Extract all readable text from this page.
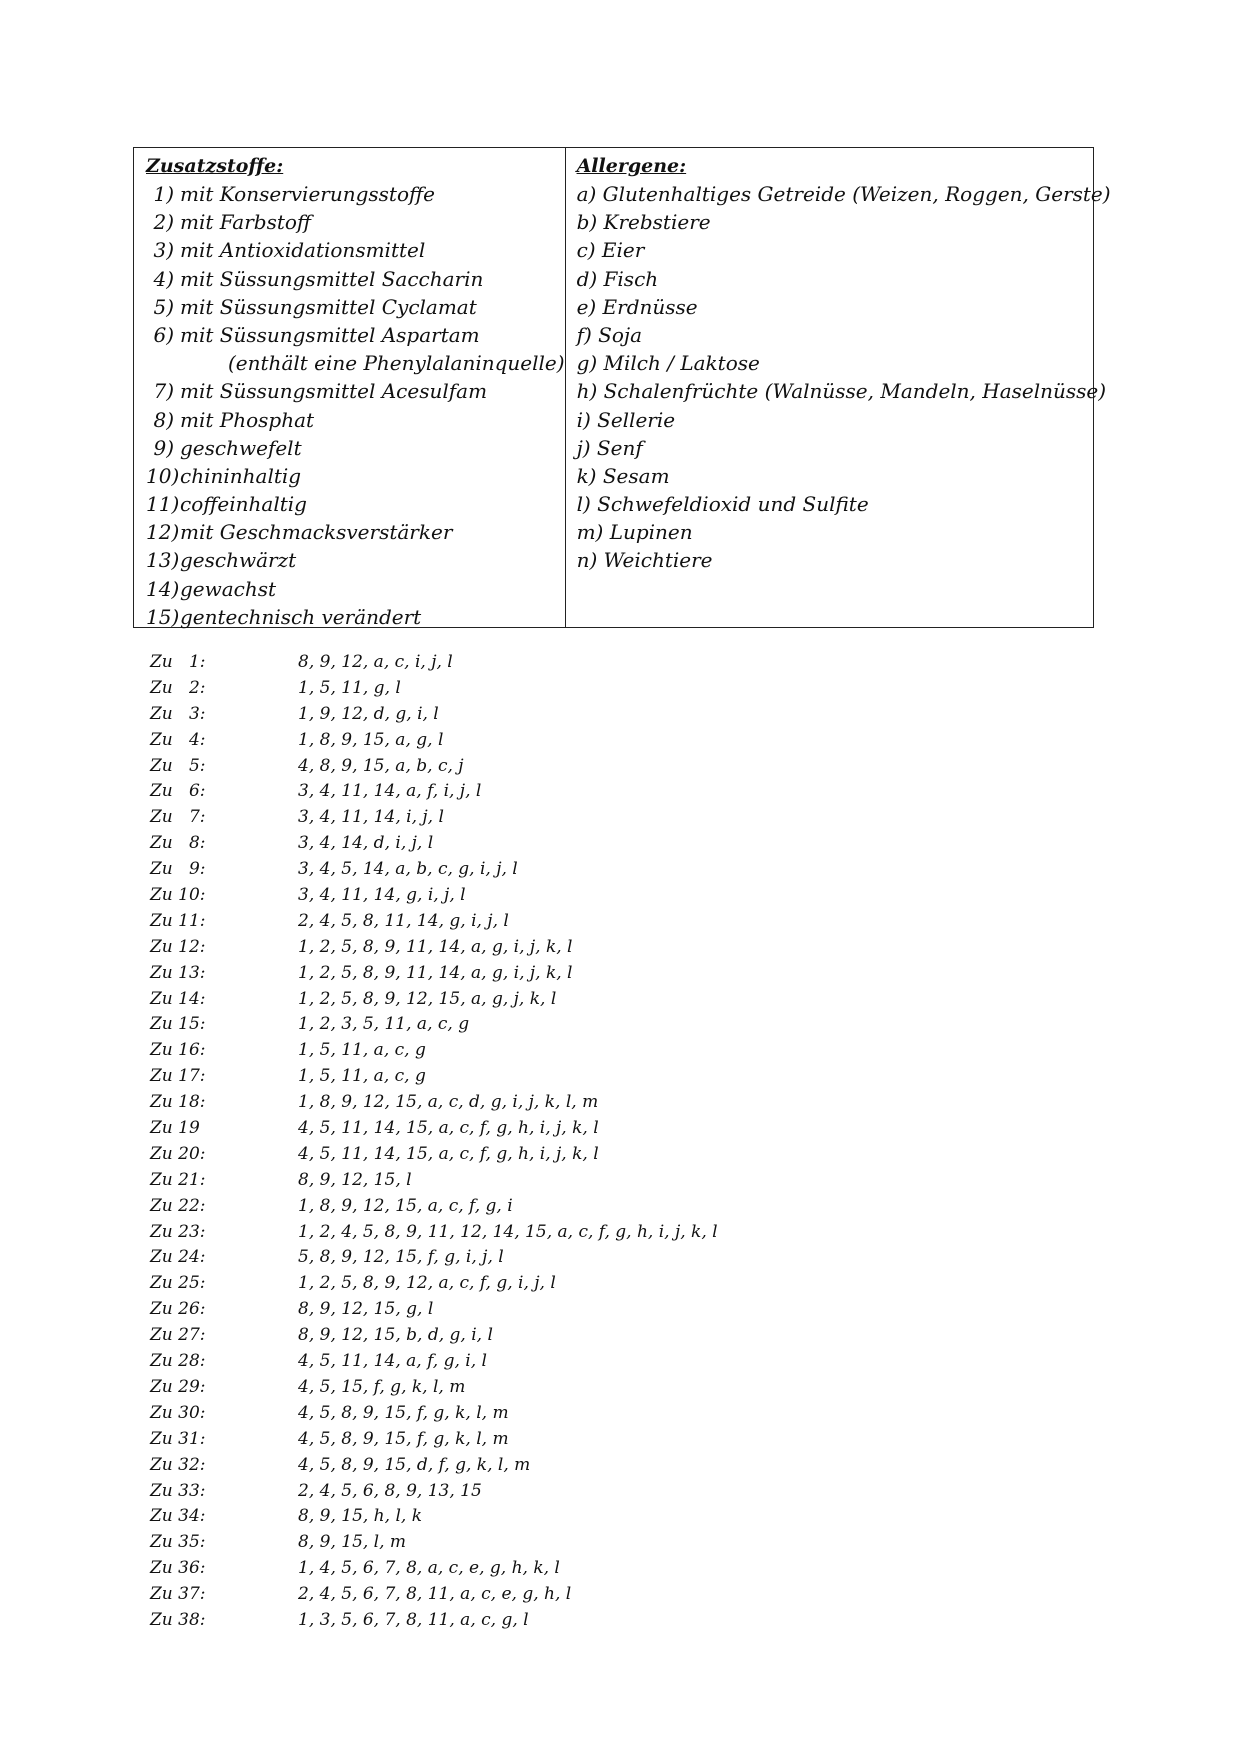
Zusatzstoffe:
1) mit Konservierungsstoffe
2) mit Farbstoff
3) mit Antioxidationsmittel
4) mit Süssungsmittel Saccharin
5) mit Süssungsmittel Cyclamat
6) mit Süssungsmittel Aspartam
(enthält eine Phenylalaninquelle)
7) mit Süssungsmittel Acesulfam
8) mit Phosphat
9) geschwefelt
10) chininhaltig
11) coffeinhaltig
12) mit Geschmacksverstärker
13) geschwärzt
14) gewachst
15) gentechnisch verändert
Allergene:
a) Glutenhaltiges Getreide (Weizen, Roggen, Gerste)
b) Krebstiere
c) Eier
d) Fisch
e) Erdnüsse
f) Soja
g) Milch / Laktose
h) Schalenfrüchte (Walnüsse, Mandeln, Haselnüsse)
i) Sellerie
j) Senf
k) Sesam
l) Schwefeldioxid und Sulfite
m) Lupinen
n) Weichtiere
Zu   1:	8, 9, 12, a, c, i, j, l
Zu   2:	1, 5, 11, g, l
Zu   3:	1, 9, 12, d, g, i, l
Zu   4:	1, 8, 9, 15, a, g, l
Zu   5:	4, 8, 9, 15, a, b, c, j
Zu   6:	3, 4, 11, 14, a, f, i, j, l
Zu   7:	3, 4, 11, 14, i, j, l
Zu   8:	3, 4, 14, d, i, j, l
Zu   9:	3, 4, 5, 14, a, b, c, g, i, j, l
Zu 10:	3, 4, 11, 14, g, i, j, l
Zu 11:	2, 4, 5, 8, 11, 14, g, i, j, l
Zu 12:	1, 2, 5, 8, 9, 11, 14, a, g, i, j, k, l
Zu 13:	1, 2, 5, 8, 9, 11, 14, a, g, i, j, k, l
Zu 14:	1, 2, 5, 8, 9, 12, 15, a, g, j, k, l
Zu 15:	1, 2, 3, 5, 11, a, c, g
Zu 16:	1, 5, 11, a, c, g
Zu 17:	1, 5, 11, a, c, g
Zu 18:	1, 8, 9, 12, 15, a, c, d, g, i, j, k, l, m
Zu 19	4, 5, 11, 14, 15, a, c, f, g, h, i, j, k, l
Zu 20:	4, 5, 11, 14, 15, a, c, f, g, h, i, j, k, l
Zu 21:	8, 9, 12, 15, l
Zu 22:	1, 8, 9, 12, 15, a, c, f, g, i
Zu 23:	1, 2, 4, 5, 8, 9, 11, 12, 14, 15, a, c, f, g, h, i, j, k, l
Zu 24:	5, 8, 9, 12, 15, f, g, i, j, l
Zu 25:	1, 2, 5, 8, 9, 12, a, c, f, g, i, j, l
Zu 26:	8, 9, 12, 15, g, l
Zu 27:	8, 9, 12, 15, b, d, g, i, l
Zu 28:	4, 5, 11, 14, a, f, g, i, l
Zu 29:	4, 5, 15, f, g, k, l, m
Zu 30:	4, 5, 8, 9, 15, f, g, k, l, m
Zu 31:	4, 5, 8, 9, 15, f, g, k, l, m
Zu 32:	4, 5, 8, 9, 15, d, f, g, k, l, m
Zu 33:	2, 4, 5, 6, 8, 9, 13, 15
Zu 34:	8, 9, 15, h, l, k
Zu 35:	8, 9, 15, l, m
Zu 36:	1, 4, 5, 6, 7, 8, a, c, e, g, h, k, l
Zu 37:	2, 4, 5, 6, 7, 8, 11, a, c, e, g, h, l
Zu 38:	1, 3, 5, 6, 7, 8, 11, a, c, g, l
